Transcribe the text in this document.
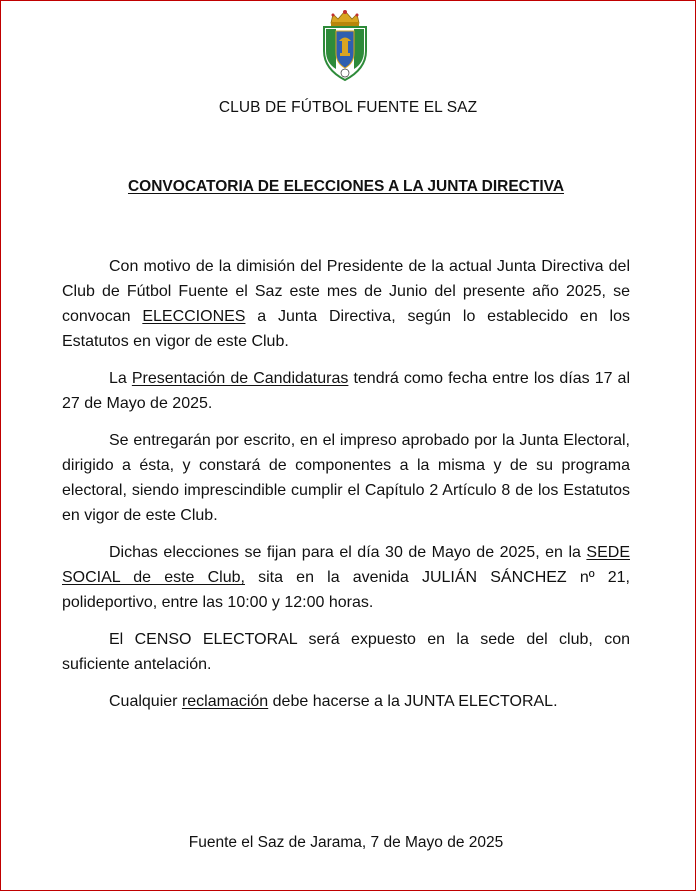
CLUB DE FÚTBOL FUENTE EL SAZ
CONVOCATORIA DE ELECCIONES A LA JUNTA DIRECTIVA

Con motivo de la dimisión del Presidente de la actual Junta Directiva del Club de Fútbol Fuente el Saz este mes de Junio del presente año 2025, se convocan ELECCIONES a Junta Directiva, según lo establecido en los Estatutos en vigor de este Club.

La Presentación de Candidaturas tendrá como fecha entre los días 17 al 27 de Mayo de 2025.

Se entregarán por escrito, en el impreso aprobado por la Junta Electoral, dirigido a ésta, y constará de componentes a la misma y de su programa electoral, siendo imprescindible cumplir el Capítulo 2 Artículo 8 de los Estatutos en vigor de este Club.

Dichas elecciones se fijan para el día 30 de Mayo de 2025, en la SEDE SOCIAL de este Club, sita en la avenida JULIÁN SÁNCHEZ nº 21, polideportivo, entre las 10:00 y 12:00 horas.

El CENSO ELECTORAL será expuesto en la sede del club, con suficiente antelación.

Cualquier reclamación debe hacerse a la JUNTA ELECTORAL.

Fuente el Saz de Jarama, 7 de Mayo de 2025
